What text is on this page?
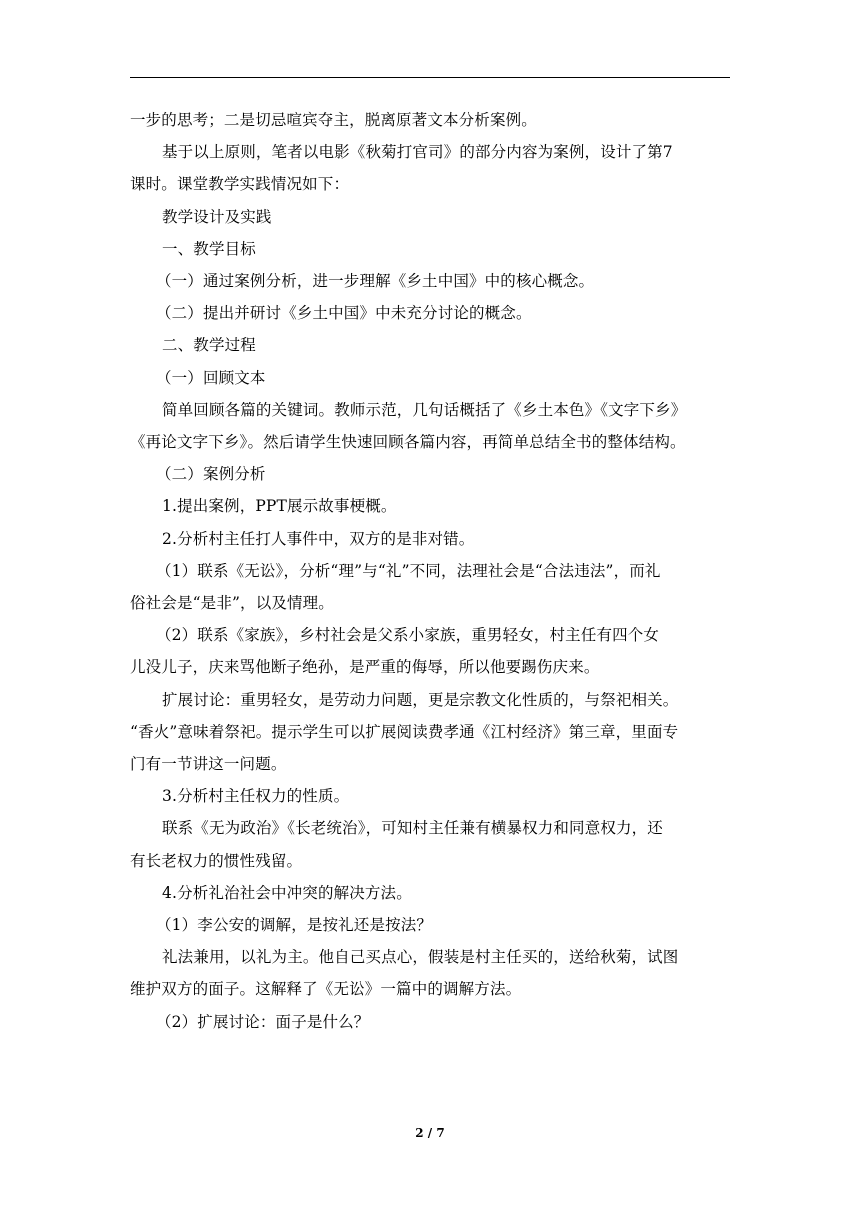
一步的思考；二是切忌喧宾夺主，脱离原著文本分析案例。

基于以上原则，笔者以电影《秋菊打官司》的部分内容为案例，设计了第7

课时。课堂教学实践情况如下：

教学设计及实践

一、教学目标

（一）通过案例分析，进一步理解《乡土中国》中的核心概念。

（二）提出并研讨《乡土中国》中未充分讨论的概念。

二、教学过程

（一）回顾文本

简单回顾各篇的关键词。教师示范，几句话概括了《乡土本色》《文字下乡》

《再论文字下乡》。然后请学生快速回顾各篇内容，再简单总结全书的整体结构。

（二）案例分析

1.提出案例，PPT展示故事梗概。

2.分析村主任打人事件中，双方的是非对错。

（1）联系《无讼》，分析“理”与“礼”不同，法理社会是“合法违法”，而礼

俗社会是“是非”，以及情理。

（2）联系《家族》，乡村社会是父系小家族，重男轻女，村主任有四个女

儿没儿子，庆来骂他断子绝孙，是严重的侮辱，所以他要踢伤庆来。

扩展讨论：重男轻女，是劳动力问题，更是宗教文化性质的，与祭祀相关。

“香火”意味着祭祀。提示学生可以扩展阅读费孝通《江村经济》第三章，里面专

门有一节讲这一问题。

3.分析村主任权力的性质。

联系《无为政治》《长老统治》，可知村主任兼有横暴权力和同意权力，还

有长老权力的惯性残留。

4.分析礼治社会中冲突的解决方法。

（1）李公安的调解，是按礼还是按法？

礼法兼用，以礼为主。他自己买点心，假装是村主任买的，送给秋菊，试图

维护双方的面子。这解释了《无讼》一篇中的调解方法。

（2）扩展讨论：面子是什么？

2 / 7
